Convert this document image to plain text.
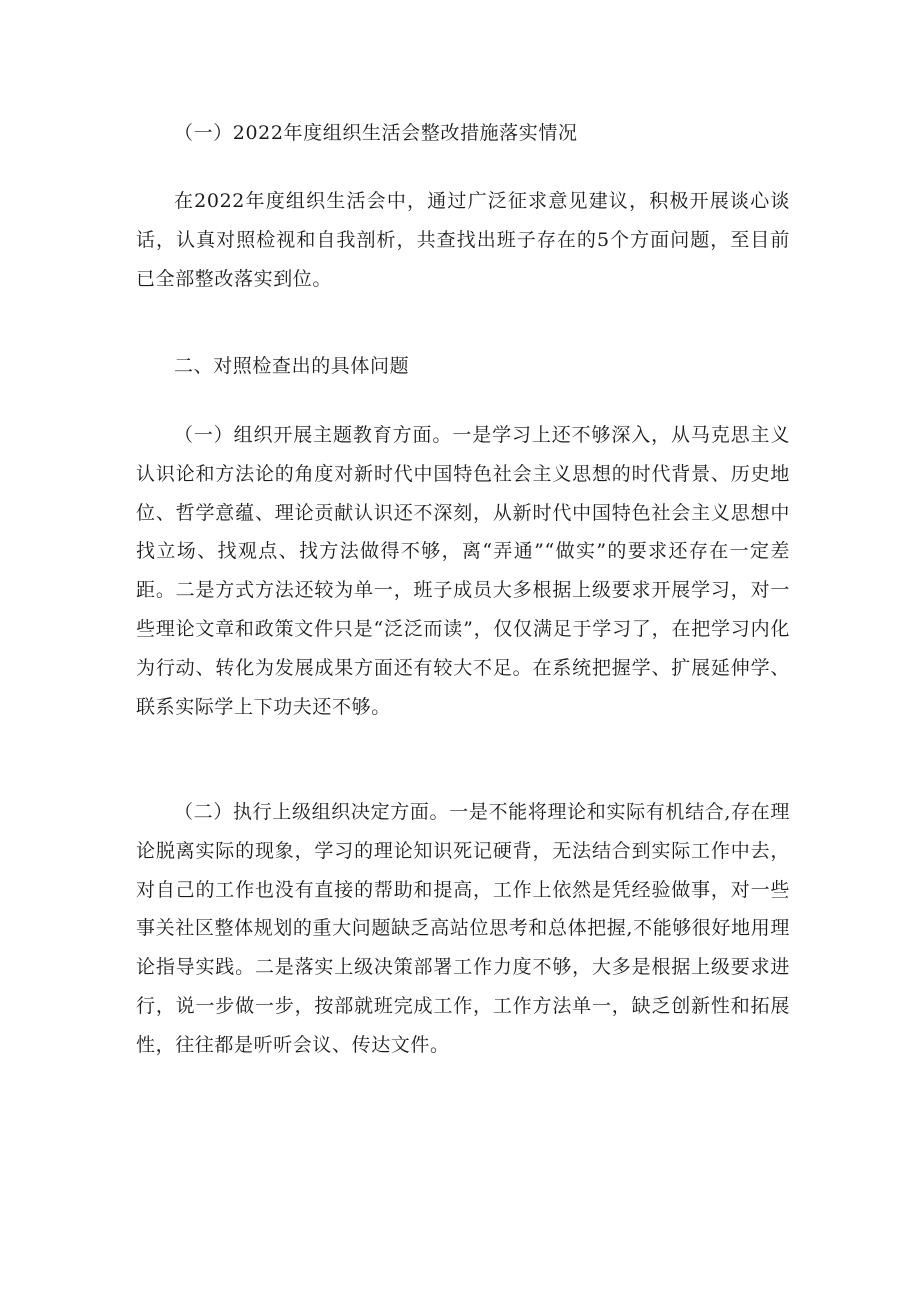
（一）2022年度组织生活会整改措施落实情况

在2022年度组织生活会中，通过广泛征求意见建议，积极开展谈心谈话，认真对照检视和自我剖析，共查找出班子存在的5个方面问题，至目前已全部整改落实到位。

二、对照检查出的具体问题

（一）组织开展主题教育方面。一是学习上还不够深入，从马克思主义认识论和方法论的角度对新时代中国特色社会主义思想的时代背景、历史地位、哲学意蕴、理论贡献认识还不深刻，从新时代中国特色社会主义思想中找立场、找观点、找方法做得不够，离“弄通”“做实”的要求还存在一定差距。二是方式方法还较为单一，班子成员大多根据上级要求开展学习，对一些理论文章和政策文件只是“泛泛而读”，仅仅满足于学习了，在把学习内化为行动、转化为发展成果方面还有较大不足。在系统把握学、扩展延伸学、联系实际学上下功夫还不够。

（二）执行上级组织决定方面。一是不能将理论和实际有机结合,存在理论脱离实际的现象，学习的理论知识死记硬背，无法结合到实际工作中去，对自己的工作也没有直接的帮助和提高，工作上依然是凭经验做事，对一些事关社区整体规划的重大问题缺乏高站位思考和总体把握,不能够很好地用理论指导实践。二是落实上级决策部署工作力度不够，大多是根据上级要求进行，说一步做一步，按部就班完成工作，工作方法单一，缺乏创新性和拓展性，往往都是听听会议、传达文件。
